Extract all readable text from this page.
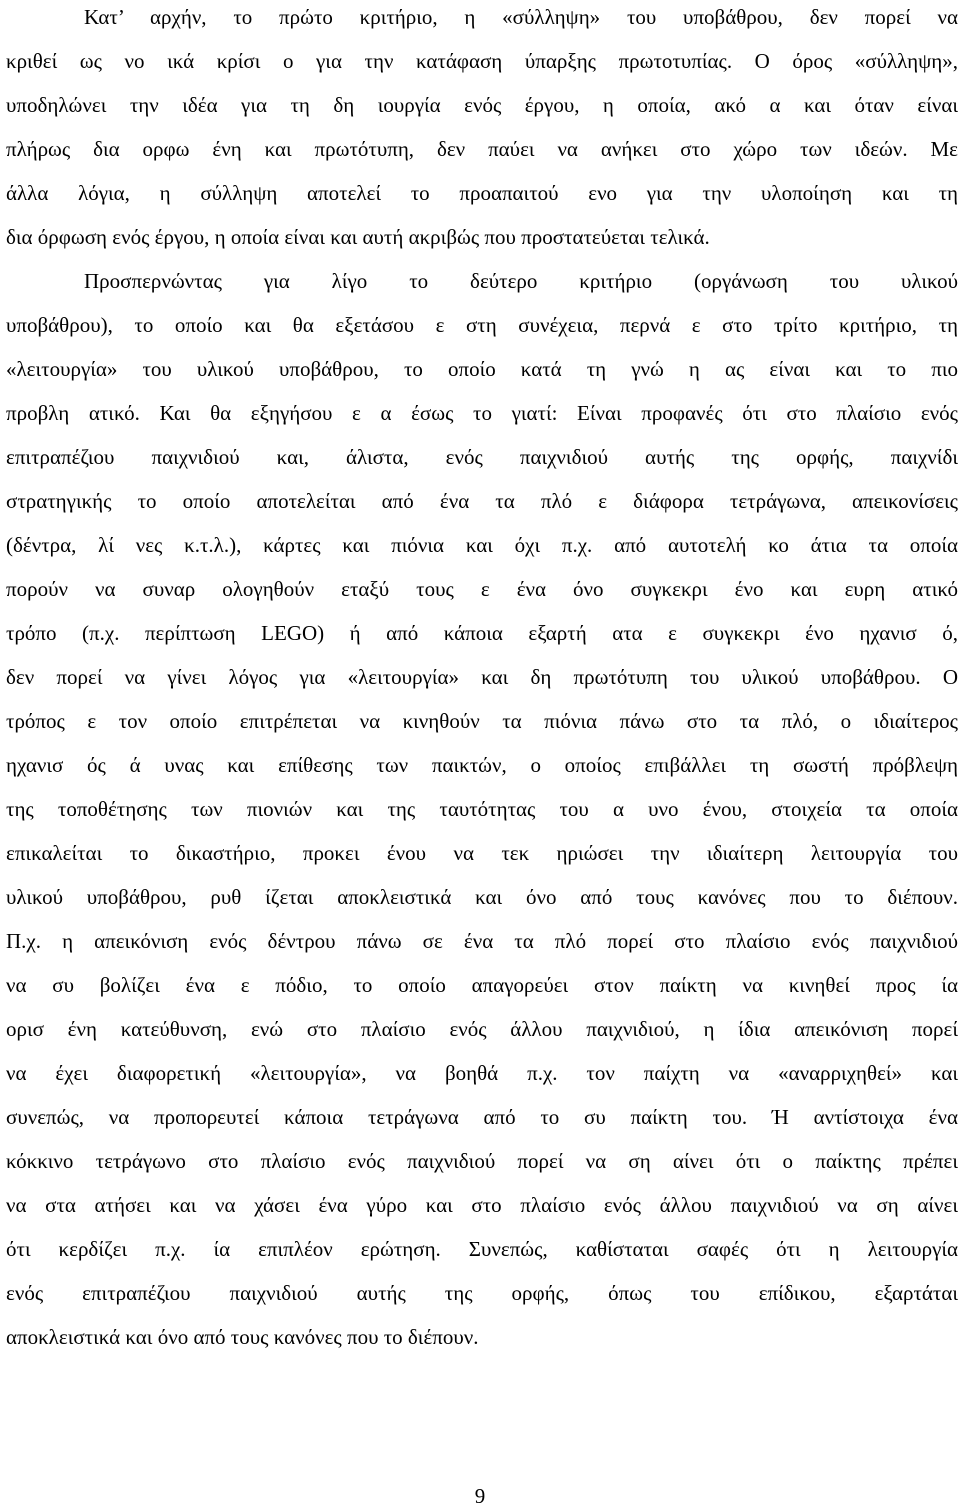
Κατ’ αρχήν, το πρώτο κριτήριο, η «σύλληψη» του υποβάθρου, δεν πορεί να
κριθεί ως νο ικά κρίσι ο για την κατάφαση ύπαρξης πρωτοτυπίας. Ο όρος «σύλληψη»,
υποδηλώνει την ιδέα για τη δη ιουργία ενός έργου, η οποία, ακό α και όταν είναι
πλήρως δια ορφω ένη και πρωτότυπη, δεν παύει να ανήκει στο χώρο των ιδεών. Με
άλλα λόγια, η σύλληψη αποτελεί το προαπαιτού ενο για την υλοποίηση και τη
δια όρφωση ενός έργου, η οποία είναι και αυτή ακριβώς που προστατεύεται τελικά.
Προσπερνώντας για λίγο το δεύτερο κριτήριο (οργάνωση του υλικού
υποβάθρου), το οποίο και θα εξετάσου ε στη συνέχεια, περνά ε στο τρίτο κριτήριο, τη
«λειτουργία» του υλικού υποβάθρου, το οποίο κατά τη γνώ η ας είναι και το πιο
προβλη ατικό. Και θα εξηγήσου ε α έσως το γιατί: Είναι προφανές ότι στο πλαίσιο ενός
επιτραπέζιου παιχνιδιού και, άλιστα, ενός παιχνιδιού αυτής της ορφής, παιχνίδι
στρατηγικής το οποίο αποτελείται από ένα τα πλό ε διάφορα τετράγωνα, απεικονίσεις
(δέντρα, λί νες κ.τ.λ.), κάρτες και πιόνια και όχι π.χ. από αυτοτελή κο άτια τα οποία
πορούν να συναρ ολογηθούν εταξύ τους ε ένα όνο συγκεκρι ένο και ευρη ατικό
τρόπο (π.χ. περίπτωση LEGO) ή από κάποια εξαρτή ατα ε συγκεκρι ένο ηχανισ ό,
δεν πορεί να γίνει λόγος για «λειτουργία» και δη πρωτότυπη του υλικού υποβάθρου. Ο
τρόπος ε τον οποίο επιτρέπεται να κινηθούν τα πιόνια πάνω στο τα πλό, ο ιδιαίτερος
ηχανισ ός ά υνας και επίθεσης των παικτών, ο οποίος επιβάλλει τη σωστή πρόβλεψη
της τοποθέτησης των πιονιών και της ταυτότητας του α υνο ένου, στοιχεία τα οποία
επικαλείται το δικαστήριο, προκει ένου να τεκ ηριώσει την ιδιαίτερη λειτουργία του
υλικού υποβάθρου, ρυθ ίζεται αποκλειστικά και όνο από τους κανόνες που το διέπουν.
Π.χ. η απεικόνιση ενός δέντρου πάνω σε ένα τα πλό πορεί στο πλαίσιο ενός παιχνιδιού
να συ βολίζει ένα ε πόδιο, το οποίο απαγορεύει στον παίκτη να κινηθεί προς ία
ορισ ένη κατεύθυνση, ενώ στο πλαίσιο ενός άλλου παιχνιδιού, η ίδια απεικόνιση πορεί
να έχει διαφορετική «λειτουργία», να βοηθά π.χ. τον παίχτη να «αναρριχηθεί» και
συνεπώς, να προπορευτεί κάποια τετράγωνα από το συ παίκτη του. Ή αντίστοιχα ένα
κόκκινο τετράγωνο στο πλαίσιο ενός παιχνιδιού πορεί να ση αίνει ότι ο παίκτης πρέπει
να στα ατήσει και να χάσει ένα γύρο και στο πλαίσιο ενός άλλου παιχνιδιού να ση αίνει
ότι κερδίζει π.χ. ία επιπλέον ερώτηση. Συνεπώς, καθίσταται σαφές ότι η λειτουργία
ενός επιτραπέζιου παιχνιδιού αυτής της ορφής, όπως του επίδικου, εξαρτάται
αποκλειστικά και όνο από τους κανόνες που το διέπουν.
9
